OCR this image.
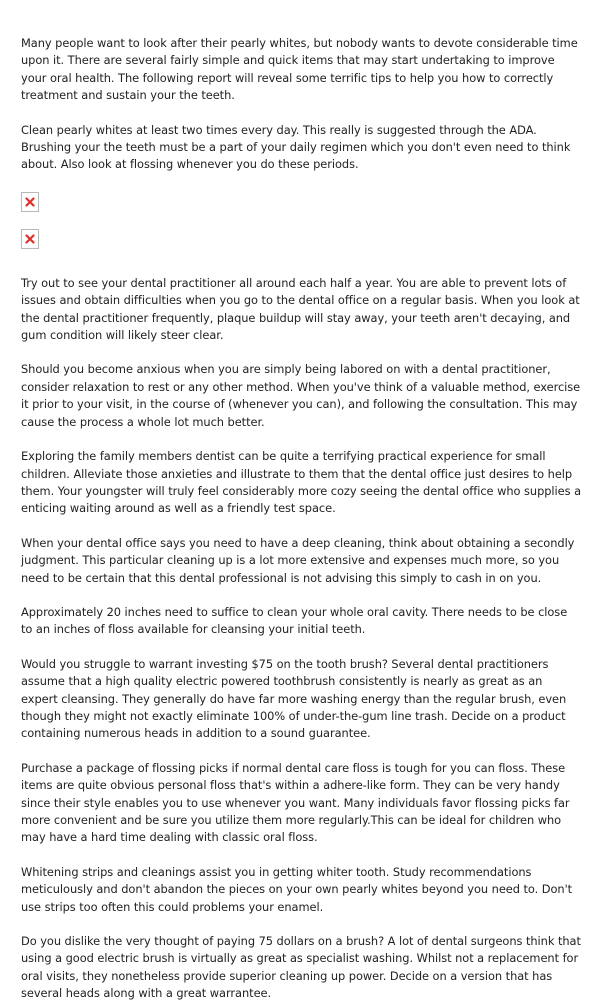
Many people want to look after their pearly whites, but nobody wants to devote considerable time upon it. There are several fairly simple and quick items that may start undertaking to improve your oral health. The following report will reveal some terrific tips to help you how to correctly treatment and sustain your the teeth.

Clean pearly whites at least two times every day. This really is suggested through the ADA. Brushing your the teeth must be a part of your daily regimen which you don't even need to think about. Also look at flossing whenever you do these periods.

Try out to see your dental practitioner all around each half a year. You are able to prevent lots of issues and obtain difficulties when you go to the dental office on a regular basis. When you look at the dental practitioner frequently, plaque buildup will stay away, your teeth aren't decaying, and gum condition will likely steer clear.

Should you become anxious when you are simply being labored on with a dental practitioner, consider relaxation to rest or any other method. When you've think of a valuable method, exercise it prior to your visit, in the course of (whenever you can), and following the consultation. This may cause the process a whole lot much better.

Exploring the family members dentist can be quite a terrifying practical experience for small children. Alleviate those anxieties and illustrate to them that the dental office just desires to help them. Your youngster will truly feel considerably more cozy seeing the dental office who supplies a enticing waiting around as well as a friendly test space.

When your dental office says you need to have a deep cleaning, think about obtaining a secondly judgment. This particular cleaning up is a lot more extensive and expenses much more, so you need to be certain that this dental professional is not advising this simply to cash in on you.

Approximately 20 inches need to suffice to clean your whole oral cavity. There needs to be close to an inches of floss available for cleansing your initial teeth.

Would you struggle to warrant investing $75 on the tooth brush? Several dental practitioners assume that a high quality electric powered toothbrush consistently is nearly as great as an expert cleansing. They generally do have far more washing energy than the regular brush, even though they might not exactly eliminate 100% of under-the-gum line trash. Decide on a product containing numerous heads in addition to a sound guarantee.

Purchase a package of flossing picks if normal dental care floss is tough for you can floss. These items are quite obvious personal floss that's within a adhere-like form. They can be very handy since their style enables you to use whenever you want. Many individuals favor flossing picks far more convenient and be sure you utilize them more regularly.This can be ideal for children who may have a hard time dealing with classic oral floss.

Whitening strips and cleanings assist you in getting whiter tooth. Study recommendations meticulously and don't abandon the pieces on your own pearly whites beyond you need to. Don't use strips too often this could problems your enamel.

Do you dislike the very thought of paying 75 dollars on a brush? A lot of dental surgeons think that using a good electric brush is virtually as great as specialist washing. Whilst not a replacement for oral visits, they nonetheless provide superior cleaning up power. Decide on a version that has several heads along with a great warrantee.
